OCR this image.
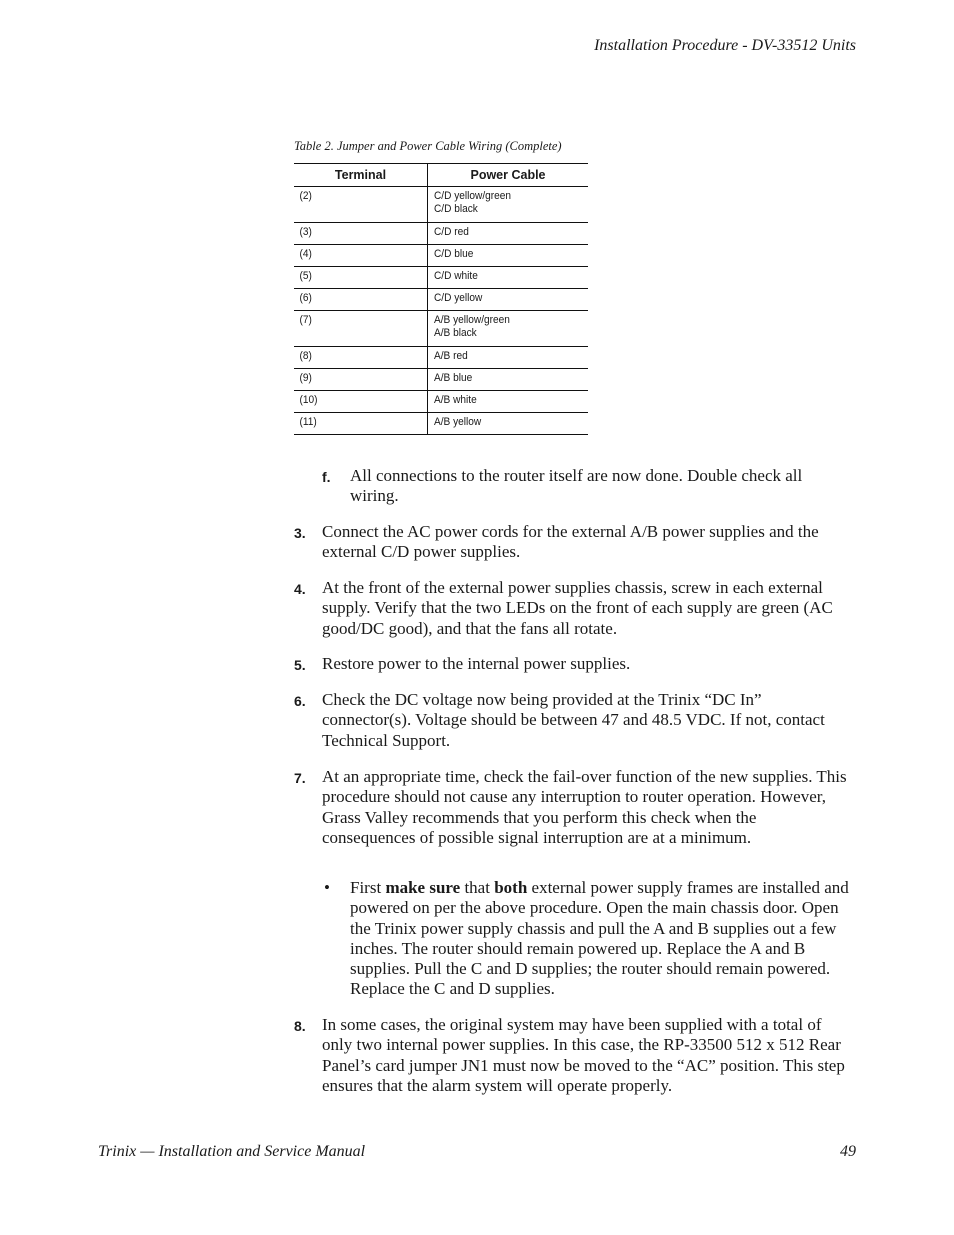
Installation Procedure - DV-33512 Units
Table 2. Jumper and Power Cable Wiring (Complete)
Terminal	Power Cable
(2)	C/D yellow/green
C/D black

(3)	C/D red

(4)	C/D blue

(5)	C/D white

(6)	C/D yellow

(7)	A/B yellow/green
A/B black

(8)	A/B red

(9)	A/B blue

(10)	A/B white

(11)	A/B yellow
f. All connections to the router itself are now done. Double check all wiring.
3. Connect the AC power cords for the external A/B power supplies and the external C/D power supplies.
4. At the front of the external power supplies chassis, screw in each external supply. Verify that the two LEDs on the front of each supply are green (AC good/DC good), and that the fans all rotate.
5. Restore power to the internal power supplies.
6. Check the DC voltage now being provided at the Trinix “DC In” connector(s). Voltage should be between 47 and 48.5 VDC. If not, contact Technical Support.
7. At an appropriate time, check the fail-over function of the new supplies. This procedure should not cause any interruption to router operation. However, Grass Valley recommends that you perform this check when the consequences of possible signal interruption are at a minimum.
• First make sure that both external power supply frames are installed and powered on per the above procedure. Open the main chassis door. Open the Trinix power supply chassis and pull the A and B supplies out a few inches. The router should remain powered up. Replace the A and B supplies. Pull the C and D supplies; the router should remain powered. Replace the C and D supplies.
8. In some cases, the original system may have been supplied with a total of only two internal power supplies. In this case, the RP-33500 512 x 512 Rear Panel’s card jumper JN1 must now be moved to the “AC” position. This step ensures that the alarm system will operate properly.
Trinix — Installation and Service Manual	49
